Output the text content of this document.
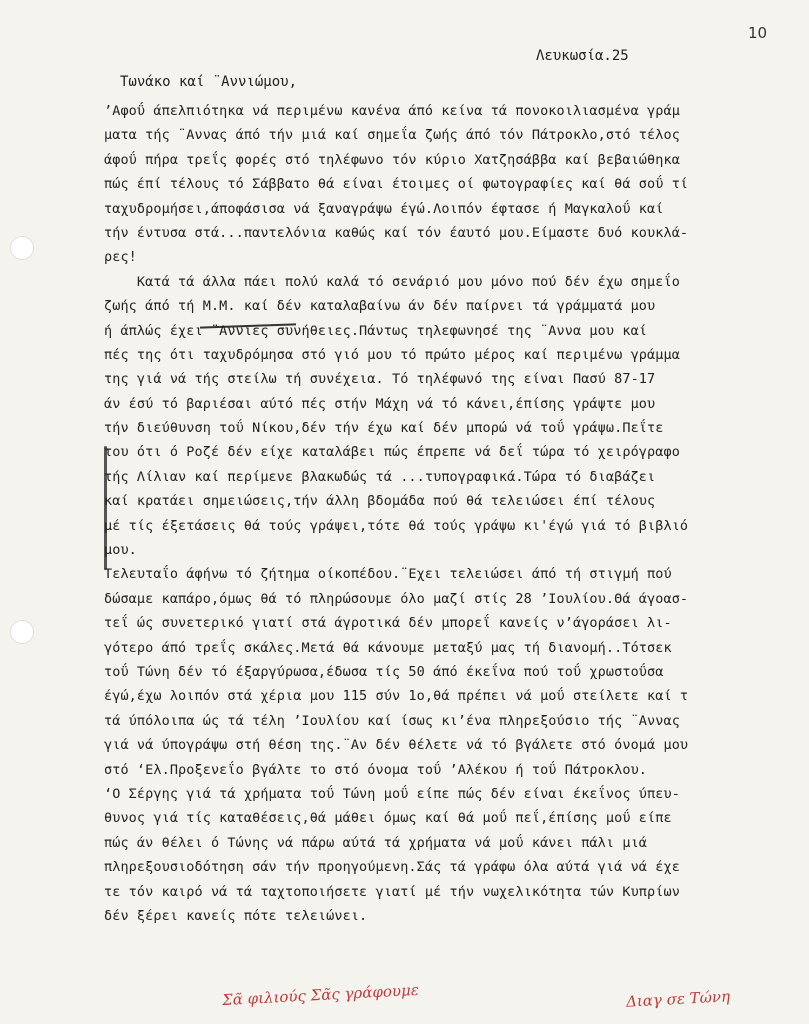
10
Λευκωσία.25
Τωνάκο καί ¨Αννιώμου,
’Αφοΰ άπελπιότηκα νά περιμένω κανένα άπό κείνα τά πονοκοιλιασμένα γράμ
ματα τής ¨Αννας άπό τήν μιά καί σημεΐα ζωής άπό τόν Πάτροκλο,στό τέλος
άφοΰ πήρα τρεΐς φορές στό τηλέφωνο τόν κύριο Χατζησάββα καί βεβαιώθηκα
πώς έπί τέλους τό Σάββατο θά είναι έτοιμες οί φωτογραφίες καί θά σοΰ τί
ταχυδρομήσει,άποφάσισα νά ξαναγράψω έγώ.Λοιπόν έφτασε ή Μαγκαλοΰ καί
τήν έντυσα στά...παντελόνια καθώς καί τόν έαυτό μου.Είμαστε δυό κουκλά-
ρες!
Κατά τά άλλα πάει πολύ καλά τό σενάριό μου μόνο πού δέν έχω σημεΐο
ζωής άπό τή Μ.Μ. καί δέν καταλαβαίνω άν δέν παίρνει τά γράμματά μου
ή άπλώς έχει ¨Αννιες συνήθειες.Πάντως τηλεφωνησέ της ¨Αννα μου καί
πές της ότι ταχυδρόμησα στό γιό μου τό πρώτο μέρος καί περιμένω γράμμα
της γιά νά τής στείλω τή συνέχεια. Τό τηλέφωνό της είναι Πασύ 87-17
άν έσύ τό βαριέσαι αύτό πές στήν Μάχη νά τό κάνει,έπίσης γράψτε μου
τήν διεύθυνση τοΰ Νίκου,δέν τήν έχω καί δέν μπορώ νά τοΰ γράψω.Πεΐτε
του ότι ό Ροζέ δέν είχε καταλάβει πώς έπρεπε νά δεΐ τώρα τό χειρόγραφο
τής Λίλιαν καί περίμενε βλακωδώς τά ...τυπογραφικά.Τώρα τό διαβάζει
καί κρατάει σημειώσεις,τήν άλλη βδομάδα πού θά τελειώσει έπί τέλους
μέ τίς έξετάσεις θά τούς γράψει,τότε θά τούς γράψω κι'έγώ γιά τό βιβλιό
μου.
Τελευταΐο άφήνω τό ζήτημα οίκοπέδου.¨Εχει τελειώσει άπό τή στιγμή πού
δώσαμε καπάρο,όμως θά τό πληρώσουμε όλο μαζί στίς 28 ’Ιουλίου.Θά άγοασ-
τεΐ ώς συνετερικό γιατί στά άγροτικά δέν μπορεΐ κανείς ν’άγοράσει λι-
γότερο άπό τρεΐς σκάλες.Μετά θά κάνουμε μεταξύ μας τή διανομή..Τότσεκ
τοΰ Τώνη δέν τό έξαργύρωσα,έδωσα τίς 50 άπό έκεΐνα πού τοΰ χρωστοΰσα
έγώ,έχω λοιπόν στά χέρια μου 115 σύν 1ο,θά πρέπει νά μοΰ στείλετε καί τ
τά ύπόλοιπα ώς τά τέλη ’Ιουλίου καί ίσως κι’ένα πληρεξούσιο τής ¨Αννας
γιά νά ύπογράψω στή θέση της.¨Αν δέν θέλετε νά τό βγάλετε στό όνομά μου
στό ‘Ελ.Προξενεΐο βγάλτε το στό όνομα τοΰ ’Αλέκου ή τοΰ Πάτροκλου.
‘Ο Σέργης γιά τά χρήματα τοΰ Τώνη μοΰ είπε πώς δέν είναι έκεΐνος ύπευ-
θυνος γιά τίς καταθέσεις,θά μάθει όμως καί θά μοΰ πεΐ,έπίσης μοΰ είπε
πώς άν θέλει ό Τώνης νά πάρω αύτά τά χρήματα νά μοΰ κάνει πάλι μιά
πληρεξουσιοδότηση σάν τήν προηγούμενη.Σάς τά γράφω όλα αύτά γιά νά έχε
τε τόν καιρό νά τά ταχτοποιήσετε γιατί μέ τήν νωχελικότητα τών Κυπρίων
δέν ξέρει κανείς πότε τελειώνει.
Σᾶ φιλιούς Σᾶς γράφουμε	Διαγ σε Τώνη
